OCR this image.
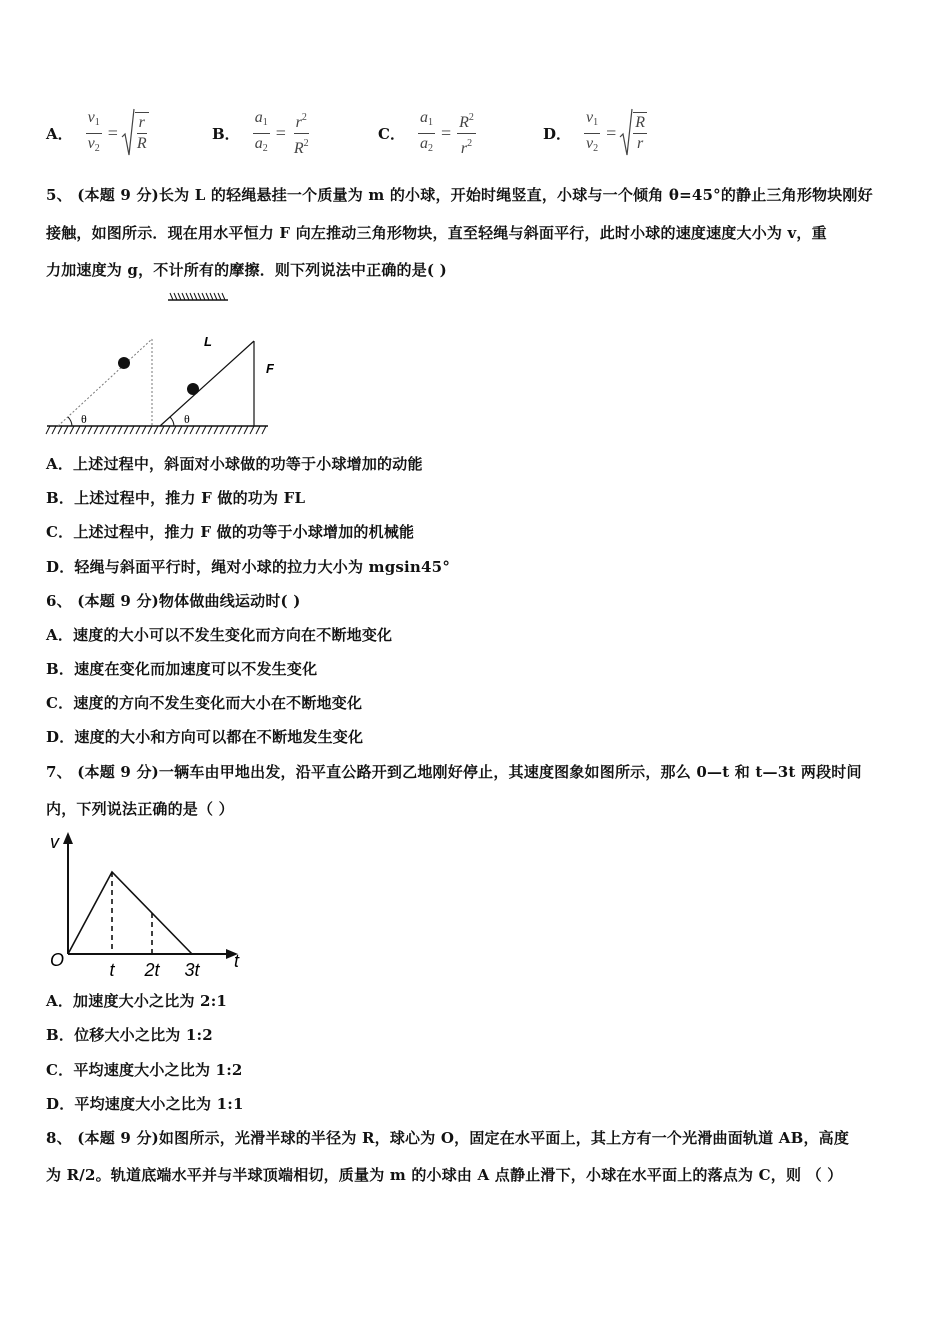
A． $\frac{v_1}{v_2} = \frac{r}{R}$	B． $\frac{a_1}{a_2} = \frac{r^2}{R^2}$	C． $\frac{a_1}{a_2} = \frac{R^2}{r^2}$	D． $\frac{v_1}{v_2} = \frac{R}{r}$
5、 (本题 9 分)长为 L 的轻绳悬挂一个质量为 m 的小球，开始时绳竖直，小球与一个倾角 θ=45°的静止三角形物块刚好
接触，如图所示．现在用水平恒力 F 向左推动三角形物块，直至轻绳与斜面平行，此时小球的速度速度大小为 v，重
力加速度为 g，不计所有的摩擦．则下列说法中正确的是( )
θ	θ
L
F
A．上述过程中，斜面对小球做的功等于小球增加的动能
B．上述过程中，推力 F 做的功为 FL
C．上述过程中，推力 F 做的功等于小球增加的机械能
D．轻绳与斜面平行时，绳对小球的拉力大小为 mgsin45°
6、 (本题 9 分)物体做曲线运动时( )
A．速度的大小可以不发生变化而方向在不断地变化
B．速度在变化而加速度可以不发生变化
C．速度的方向不发生变化而大小在不断地变化
D．速度的大小和方向可以都在不断地发生变化
7、 (本题 9 分)一辆车由甲地出发，沿平直公路开到乙地刚好停止，其速度图象如图所示，那么 0—t 和 t—3t 两段时间
内，下列说法正确的是（ ）
v
O	t
t 2t 3t
A．加速度大小之比为 2:1
B．位移大小之比为 1:2
C．平均速度大小之比为 1:2
D．平均速度大小之比为 1:1
8、 (本题 9 分)如图所示，光滑半球的半径为 R，球心为 O，固定在水平面上，其上方有一个光滑曲面轨道 AB，高度
为 R/2。轨道底端水平并与半球顶端相切，质量为 m 的小球由 A 点静止滑下，小球在水平面上的落点为 C，则 （ ）
